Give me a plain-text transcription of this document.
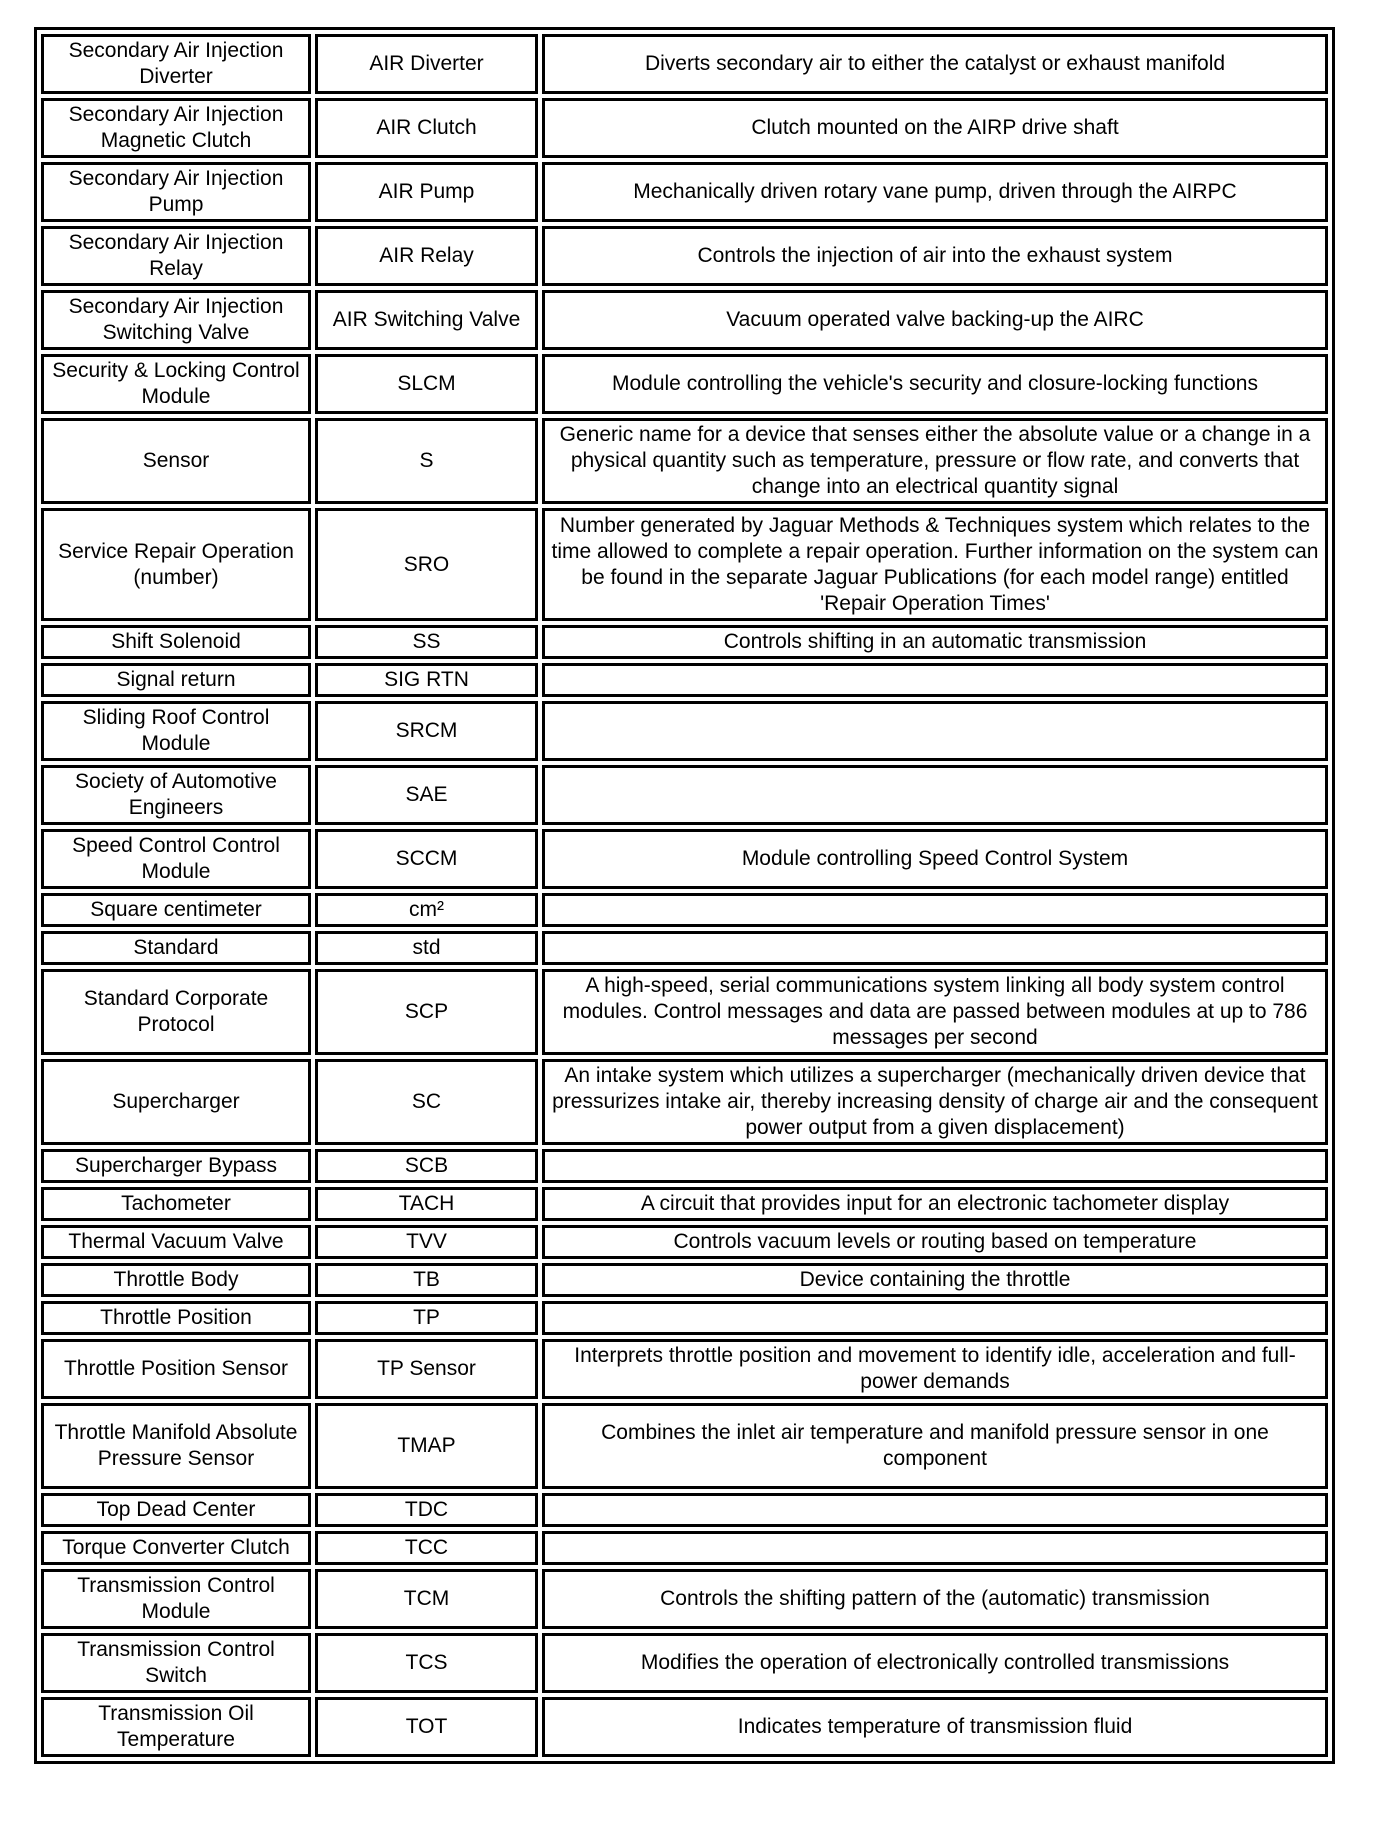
Secondary Air Injection Diverter	AIR Diverter	Diverts secondary air to either the catalyst or exhaust manifold
Secondary Air Injection Magnetic Clutch	AIR Clutch	Clutch mounted on the AIRP drive shaft
Secondary Air Injection Pump	AIR Pump	Mechanically driven rotary vane pump, driven through the AIRPC
Secondary Air Injection Relay	AIR Relay	Controls the injection of air into the exhaust system
Secondary Air Injection Switching Valve	AIR Switching Valve	Vacuum operated valve backing-up the AIRC
Security & Locking Control Module	SLCM	Module controlling the vehicle's security and closure-locking functions
Sensor	S	Generic name for a device that senses either the absolute value or a change in a physical quantity such as temperature, pressure or flow rate, and converts that change into an electrical quantity signal
Service Repair Operation (number)	SRO	Number generated by Jaguar Methods & Techniques system which relates to the time allowed to complete a repair operation. Further information on the system can be found in the separate Jaguar Publications (for each model range) entitled 'Repair Operation Times'
Shift Solenoid	SS	Controls shifting in an automatic transmission
Signal return	SIG RTN	
Sliding Roof Control Module	SRCM	
Society of Automotive Engineers	SAE	
Speed Control Control Module	SCCM	Module controlling Speed Control System
Square centimeter	cm²	
Standard	std	
Standard Corporate Protocol	SCP	A high-speed, serial communications system linking all body system control modules. Control messages and data are passed between modules at up to 786 messages per second
Supercharger	SC	An intake system which utilizes a supercharger (mechanically driven device that pressurizes intake air, thereby increasing density of charge air and the consequent power output from a given displacement)
Supercharger Bypass	SCB	
Tachometer	TACH	A circuit that provides input for an electronic tachometer display
Thermal Vacuum Valve	TVV	Controls vacuum levels or routing based on temperature
Throttle Body	TB	Device containing the throttle
Throttle Position	TP	
Throttle Position Sensor	TP Sensor	Interprets throttle position and movement to identify idle, acceleration and full-power demands
Throttle Manifold Absolute Pressure Sensor	TMAP	Combines the inlet air temperature and manifold pressure sensor in one component
Top Dead Center	TDC	
Torque Converter Clutch	TCC	
Transmission Control Module	TCM	Controls the shifting pattern of the (automatic) transmission
Transmission Control Switch	TCS	Modifies the operation of electronically controlled transmissions
Transmission Oil Temperature	TOT	Indicates temperature of transmission fluid
